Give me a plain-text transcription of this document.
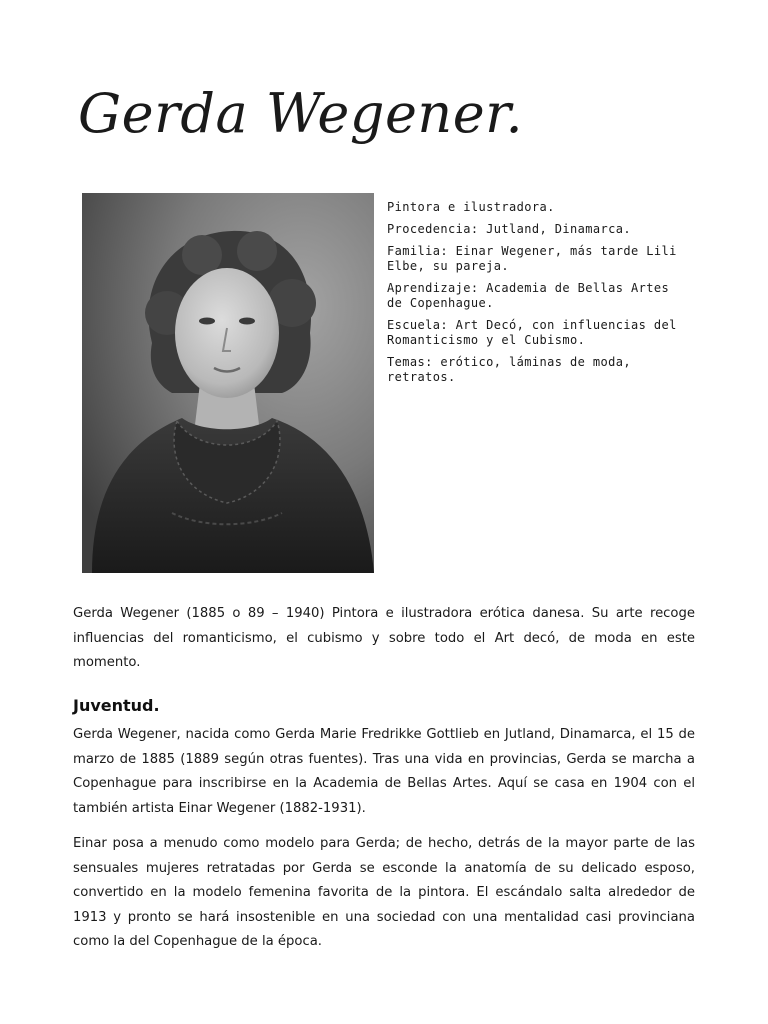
Gerda Wegener.
Pintora e ilustradora.
Procedencia: Jutland, Dinamarca.
Familia: Einar Wegener, más tarde Lili Elbe, su pareja.
Aprendizaje: Academia de Bellas Artes de Copenhague.
Escuela: Art Decó, con influencias del Romanticismo y el Cubismo.
Temas: erótico, láminas de moda, retratos.

Gerda Wegener (1885 o 89 – 1940) Pintora e ilustradora erótica danesa. Su arte recoge influencias del romanticismo, el cubismo y sobre todo el Art decó, de moda en este momento.

Juventud.

Gerda Wegener, nacida como Gerda Marie Fredrikke Gottlieb en Jutland, Dinamarca, el 15 de marzo de 1885 (1889 según otras fuentes). Tras una vida en provincias, Gerda se marcha a Copenhague para inscribirse en la Academia de Bellas Artes. Aquí se casa en 1904 con el también artista Einar Wegener (1882-1931).

Einar posa a menudo como modelo para Gerda; de hecho, detrás de la mayor parte de las sensuales mujeres retratadas por Gerda se esconde la anatomía de su delicado esposo, convertido en la modelo femenina favorita de la pintora. El escándalo salta alrededor de 1913 y pronto se hará insostenible en una sociedad con una mentalidad casi provinciana como la del Copenhague de la época.
